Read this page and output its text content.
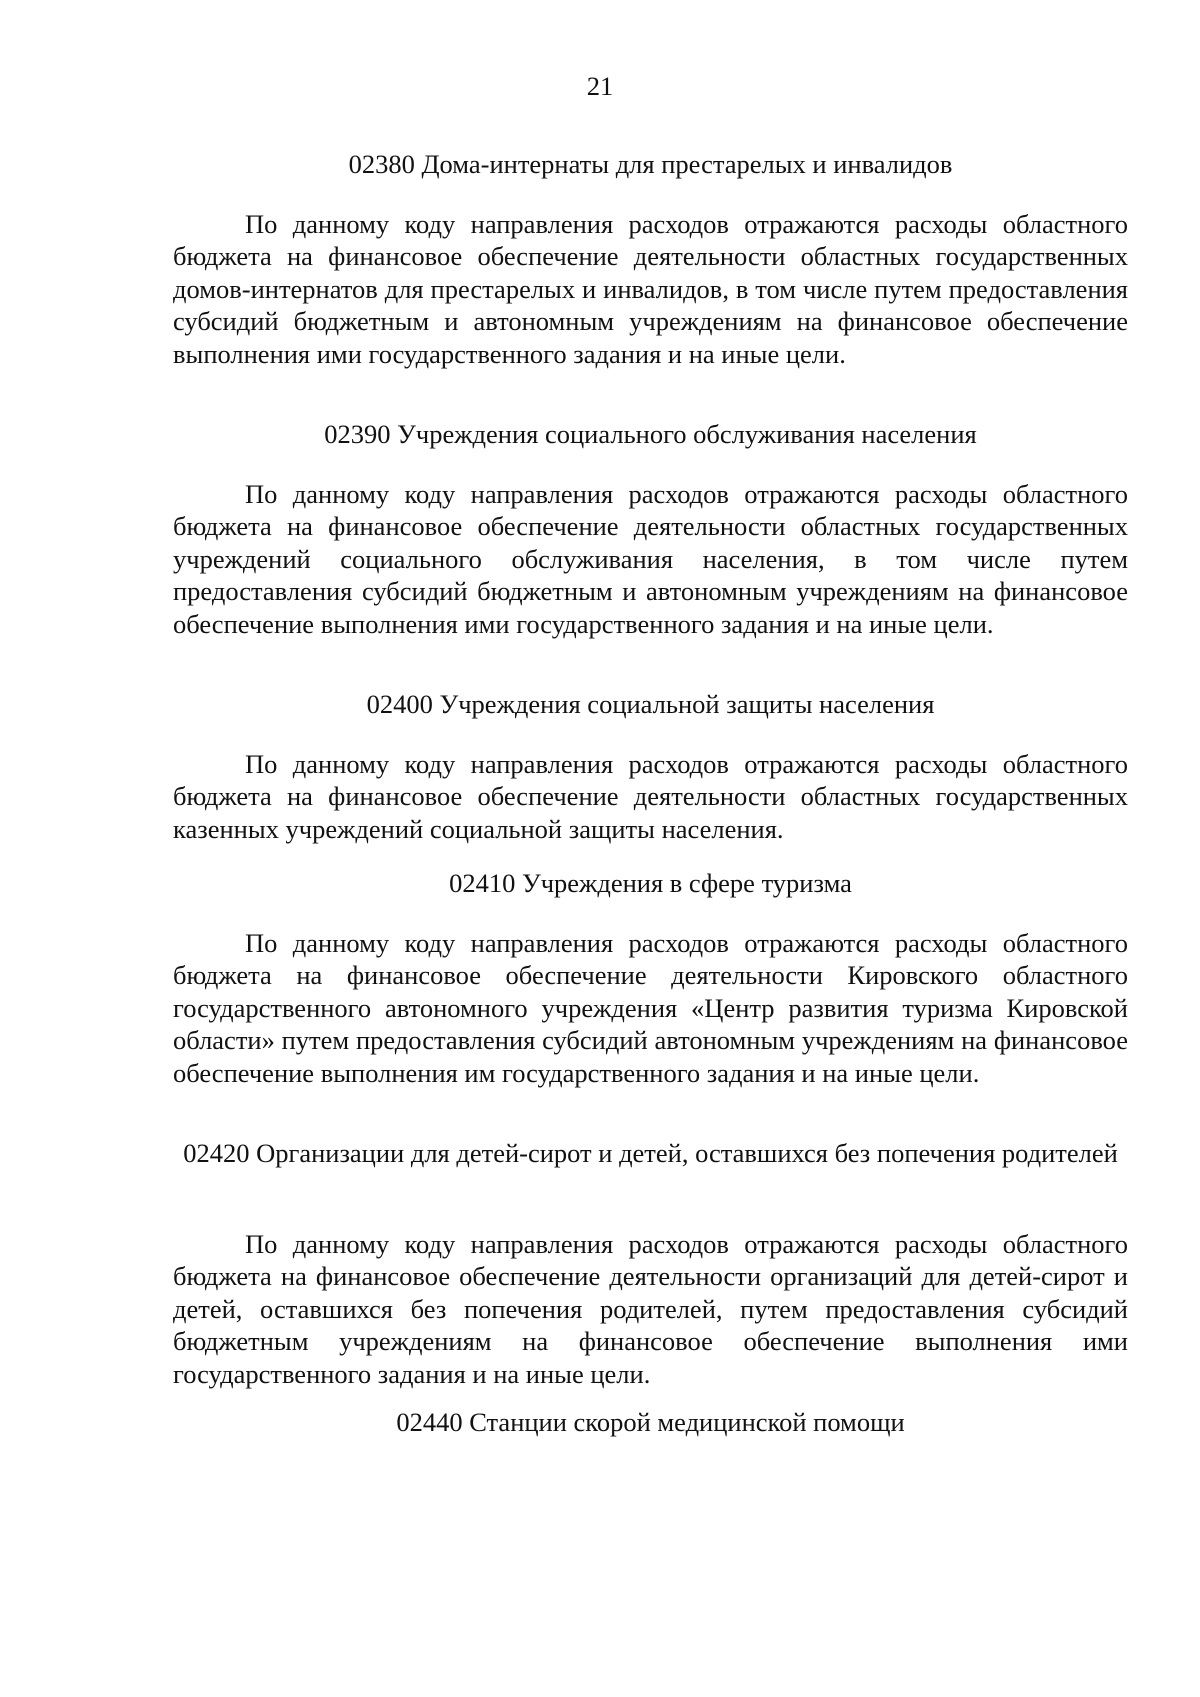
21

02380 Дома-интернаты для престарелых и инвалидов

По данному коду направления расходов отражаются расходы областного бюджета на финансовое обеспечение деятельности областных государственных домов-интернатов для престарелых и инвалидов, в том числе путем предоставления субсидий бюджетным и автономным учреждениям на финансовое обеспечение выполнения ими государственного задания и на иные цели.

02390 Учреждения социального обслуживания населения

По данному коду направления расходов отражаются расходы областного бюджета на финансовое обеспечение деятельности областных государственных учреждений социального обслуживания населения, в том числе путем предоставления субсидий бюджетным и автономным учреждениям на финансовое обеспечение выполнения ими государственного задания и на иные цели.

02400 Учреждения социальной защиты населения

По данному коду направления расходов отражаются расходы областного бюджета на финансовое обеспечение деятельности областных государственных казенных учреждений социальной защиты населения.

02410 Учреждения в сфере туризма

По данному коду направления расходов отражаются расходы областного бюджета на финансовое обеспечение деятельности Кировского областного государственного автономного учреждения «Центр развития туризма Кировской области» путем предоставления субсидий автономным учреждениям на финансовое обеспечение выполнения им государственного задания и на иные цели.

02420 Организации для детей-сирот и детей, оставшихся без попечения родителей

По данному коду направления расходов отражаются расходы областного бюджета на финансовое обеспечение деятельности организаций для детей-сирот и детей, оставшихся без попечения родителей, путем предоставления субсидий бюджетным учреждениям на финансовое обеспечение выполнения ими государственного задания и на иные цели.

02440 Станции скорой медицинской помощи
